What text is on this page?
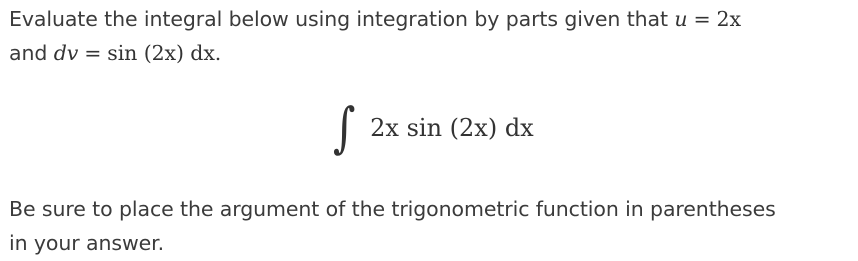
Evaluate the integral below using integration by parts given that u = 2x
and dv = sin (2x) dx.

∫ 2x sin (2x) dx

Be sure to place the argument of the trigonometric function in parentheses
in your answer.
